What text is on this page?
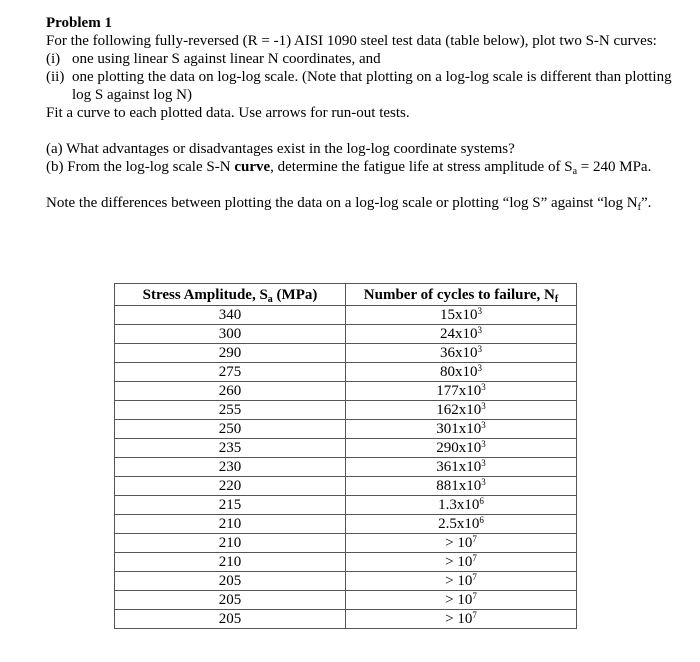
Problem 1

For the following fully-reversed (R = -1) AISI 1090 steel test data (table below), plot two S-N curves:

(i) one using linear S against linear N coordinates, and
(ii) one plotting the data on log-log scale. (Note that plotting on a log-log scale is different than plotting log S against log N)

Fit a curve to each plotted data. Use arrows for run-out tests.

(a) What advantages or disadvantages exist in the log-log coordinate systems?

(b) From the log-log scale S-N curve, determine the fatigue life at stress amplitude of $S_a = 240$ MPa.

Note the differences between plotting the data on a log-log scale or plotting “log S” against “log $N_f$”.

Stress Amplitude, $S_a$ (MPa)	Number of cycles to failure, $N_f$
340	$15x10^3$
300	$24x10^3$
290	$36x10^3$
275	$80x10^3$
260	$177x10^3$
255	$162x10^3$
250	$301x10^3$
235	$290x10^3$
230	$361x10^3$
220	$881x10^3$
215	$1.3x10^6$
210	$2.5x10^6$
210	> $10^7$
210	> $10^7$
205	> $10^7$
205	> $10^7$
205	> $10^7$
